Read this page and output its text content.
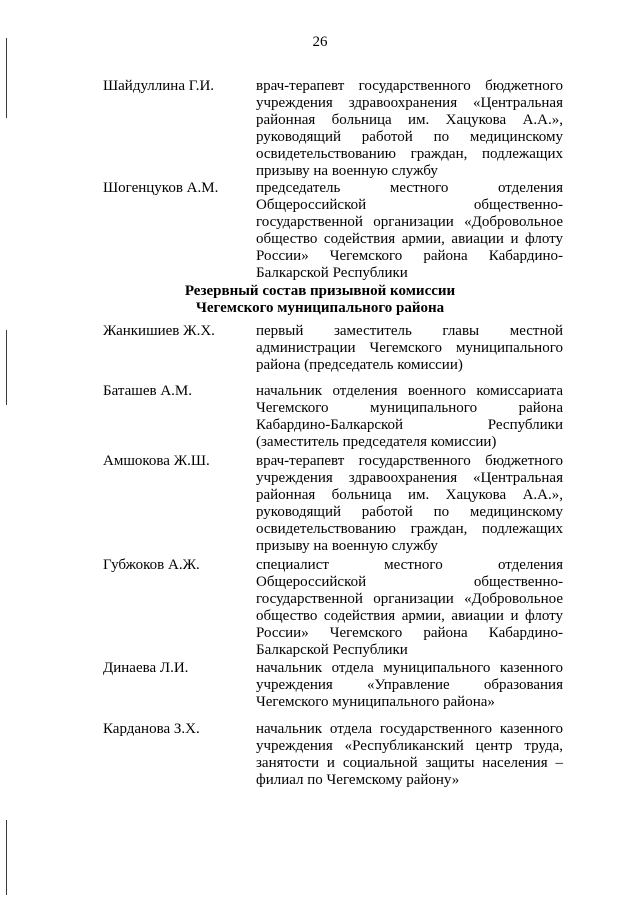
26
Шайдуллина Г.И.	врач-терапевт государственного бюджетного учреждения здравоохранения «Центральная районная больница им. Хацукова А.А.», руководящий работой по медицинскому освидетельствованию граждан, подлежащих призыву на военную службу
Шогенцуков А.М.	председатель местного отделения Общероссийской общественно-государственной организации «Добровольное общество содействия армии, авиации и флоту России» Чегемского района Кабардино-Балкарской Республики
Резервный состав призывной комиссии
Чегемского муниципального района
Жанкишиев Ж.Х.	первый заместитель главы местной администрации Чегемского муниципального района (председатель комиссии)
Баташев А.М.	начальник отделения военного комиссариата Чегемского муниципального района Кабардино-Балкарской Республики (заместитель председателя комиссии)
Амшокова Ж.Ш.	врач-терапевт государственного бюджетного учреждения здравоохранения «Центральная районная больница им. Хацукова А.А.», руководящий работой по медицинскому освидетельствованию граждан, подлежащих призыву на военную службу
Губжоков А.Ж.	специалист местного отделения Общероссийской общественно-государственной организации «Добровольное общество содействия армии, авиации и флоту России» Чегемского района Кабардино-Балкарской Республики
Динаева Л.И.	начальник отдела муниципального казенного учреждения «Управление образования Чегемского муниципального района»
Карданова З.Х.	начальник отдела государственного казенного учреждения «Республиканский центр труда, занятости и социальной защиты населения – филиал по Чегемскому району»
